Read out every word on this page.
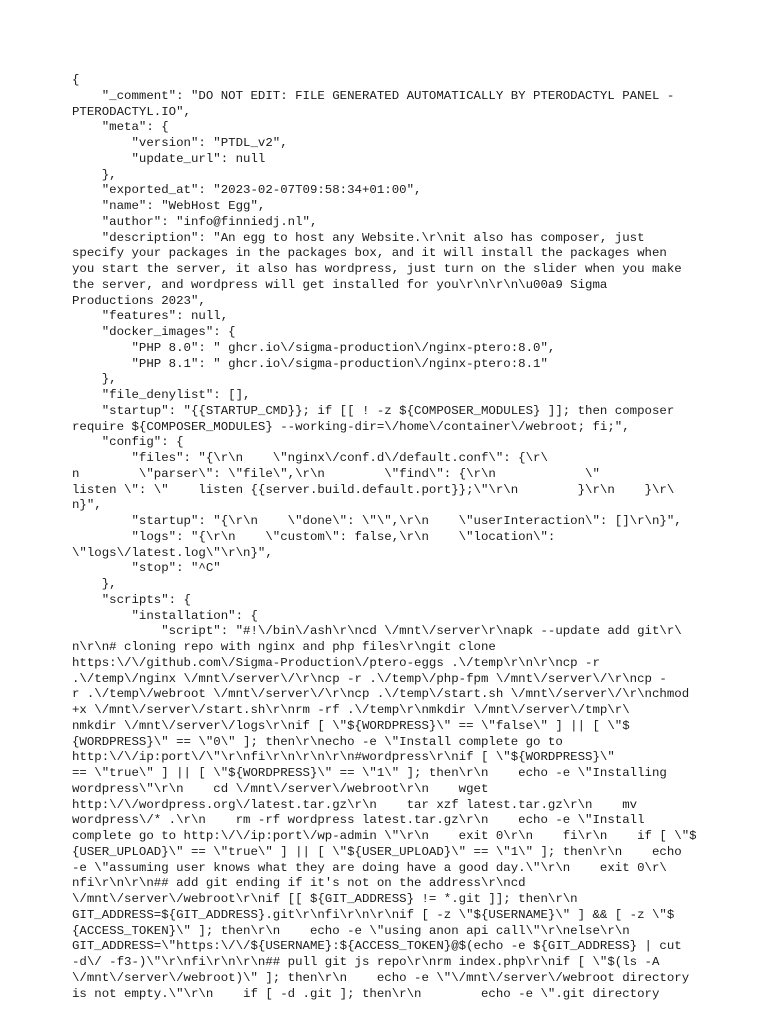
{
"_comment": "DO NOT EDIT: FILE GENERATED AUTOMATICALLY BY PTERODACTYL PANEL -
PTERODACTYL.IO",
"meta": {
"version": "PTDL_v2",
"update_url": null
},
"exported_at": "2023-02-07T09:58:34+01:00",
"name": "WebHost Egg",
"author": "info@finniedj.nl",
"description": "An egg to host any Website.\r\nit also has composer, just
specify your packages in the packages box, and it will install the packages when
you start the server, it also has wordpress, just turn on the slider when you make
the server, and wordpress will get installed for you\r\n\r\n\u00a9 Sigma
Productions 2023",
"features": null,
"docker_images": {
"PHP 8.0": " ghcr.io\/sigma-production\/nginx-ptero:8.0",
"PHP 8.1": " ghcr.io\/sigma-production\/nginx-ptero:8.1"
},
"file_denylist": [],
"startup": "{{STARTUP_CMD}}; if [[ ! -z ${COMPOSER_MODULES} ]]; then composer
require ${COMPOSER_MODULES} --working-dir=\/home\/container\/webroot; fi;",
"config": {
"files": "{\r\n    \"nginx\/conf.d\/default.conf\": {\r\
n        \"parser\": \"file\",\r\n        \"find\": {\r\n            \"
listen \": \"    listen {{server.build.default.port}};\"\r\n        }\r\n    }\r\
n}",
"startup": "{\r\n    \"done\": \"\",\r\n    \"userInteraction\": []\r\n}",
"logs": "{\r\n    \"custom\": false,\r\n    \"location\":
\"logs\/latest.log\"\r\n}",
"stop": "^C"
},
"scripts": {
"installation": {
"script": "#!\/bin\/ash\r\ncd \/mnt\/server\r\napk --update add git\r\
n\r\n# cloning repo with nginx and php files\r\ngit clone
https:\/\/github.com\/Sigma-Production\/ptero-eggs .\/temp\r\n\r\ncp -r
.\/temp\/nginx \/mnt\/server\/\r\ncp -r .\/temp\/php-fpm \/mnt\/server\/\r\ncp -
r .\/temp\/webroot \/mnt\/server\/\r\ncp .\/temp\/start.sh \/mnt\/server\/\r\nchmod
+x \/mnt\/server\/start.sh\r\nrm -rf .\/temp\r\nmkdir \/mnt\/server\/tmp\r\
nmkdir \/mnt\/server\/logs\r\nif [ \"${WORDPRESS}\" == \"false\" ] || [ \"$
{WORDPRESS}\" == \"0\" ]; then\r\necho -e \"Install complete go to
http:\/\/ip:port\/\"\r\nfi\r\n\r\n\r\n#wordpress\r\nif [ \"${WORDPRESS}\"
== \"true\" ] || [ \"${WORDPRESS}\" == \"1\" ]; then\r\n    echo -e \"Installing
wordpress\"\r\n    cd \/mnt\/server\/webroot\r\n    wget
http:\/\/wordpress.org\/latest.tar.gz\r\n    tar xzf latest.tar.gz\r\n    mv
wordpress\/* .\r\n    rm -rf wordpress latest.tar.gz\r\n    echo -e \"Install
complete go to http:\/\/ip:port\/wp-admin \"\r\n    exit 0\r\n    fi\r\n    if [ \"$
{USER_UPLOAD}\" == \"true\" ] || [ \"${USER_UPLOAD}\" == \"1\" ]; then\r\n    echo
-e \"assuming user knows what they are doing have a good day.\"\r\n    exit 0\r\
nfi\r\n\r\n## add git ending if it's not on the address\r\ncd
\/mnt\/server\/webroot\r\nif [[ ${GIT_ADDRESS} != *.git ]]; then\r\n
GIT_ADDRESS=${GIT_ADDRESS}.git\r\nfi\r\n\r\nif [ -z \"${USERNAME}\" ] && [ -z \"$
{ACCESS_TOKEN}\" ]; then\r\n    echo -e \"using anon api call\"\r\nelse\r\n
GIT_ADDRESS=\"https:\/\/${USERNAME}:${ACCESS_TOKEN}@$(echo -e ${GIT_ADDRESS} | cut
-d\/ -f3-)\"\r\nfi\r\n\r\n## pull git js repo\r\nrm index.php\r\nif [ \"$(ls -A
\/mnt\/server\/webroot)\" ]; then\r\n    echo -e \"\/mnt\/server\/webroot directory
is not empty.\"\r\n    if [ -d .git ]; then\r\n        echo -e \".git directory
